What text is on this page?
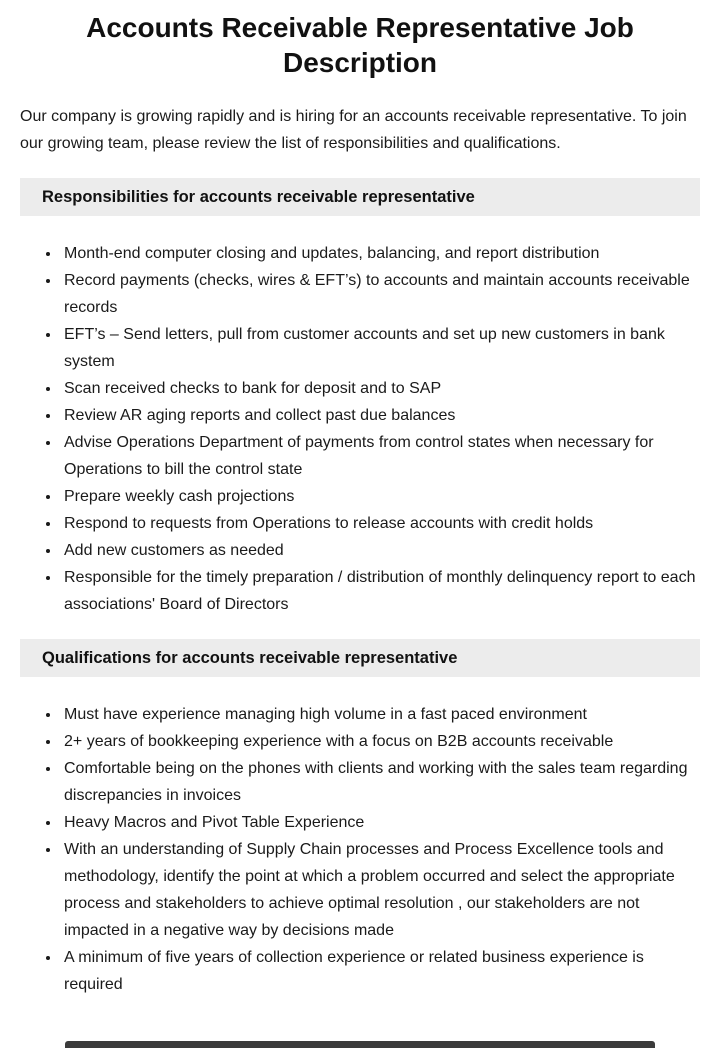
Accounts Receivable Representative Job Description

Our company is growing rapidly and is hiring for an accounts receivable representative. To join our growing team, please review the list of responsibilities and qualifications.

Responsibilities for accounts receivable representative
• Month-end computer closing and updates, balancing, and report distribution
• Record payments (checks, wires & EFT’s) to accounts and maintain accounts receivable records
• EFT’s – Send letters, pull from customer accounts and set up new customers in bank system
• Scan received checks to bank for deposit and to SAP
• Review AR aging reports and collect past due balances
• Advise Operations Department of payments from control states when necessary for Operations to bill the control state
• Prepare weekly cash projections
• Respond to requests from Operations to release accounts with credit holds
• Add new customers as needed
• Responsible for the timely preparation / distribution of monthly delinquency report to each associations' Board of Directors
Qualifications for accounts receivable representative
• Must have experience managing high volume in a fast paced environment
• 2+ years of bookkeeping experience with a focus on B2B accounts receivable
• Comfortable being on the phones with clients and working with the sales team regarding discrepancies in invoices
• Heavy Macros and Pivot Table Experience
• With an understanding of Supply Chain processes and Process Excellence tools and methodology, identify the point at which a problem occurred and select the appropriate process and stakeholders to achieve optimal resolution , our stakeholders are not impacted in a negative way by decisions made
• A minimum of five years of collection experience or related business experience is required
